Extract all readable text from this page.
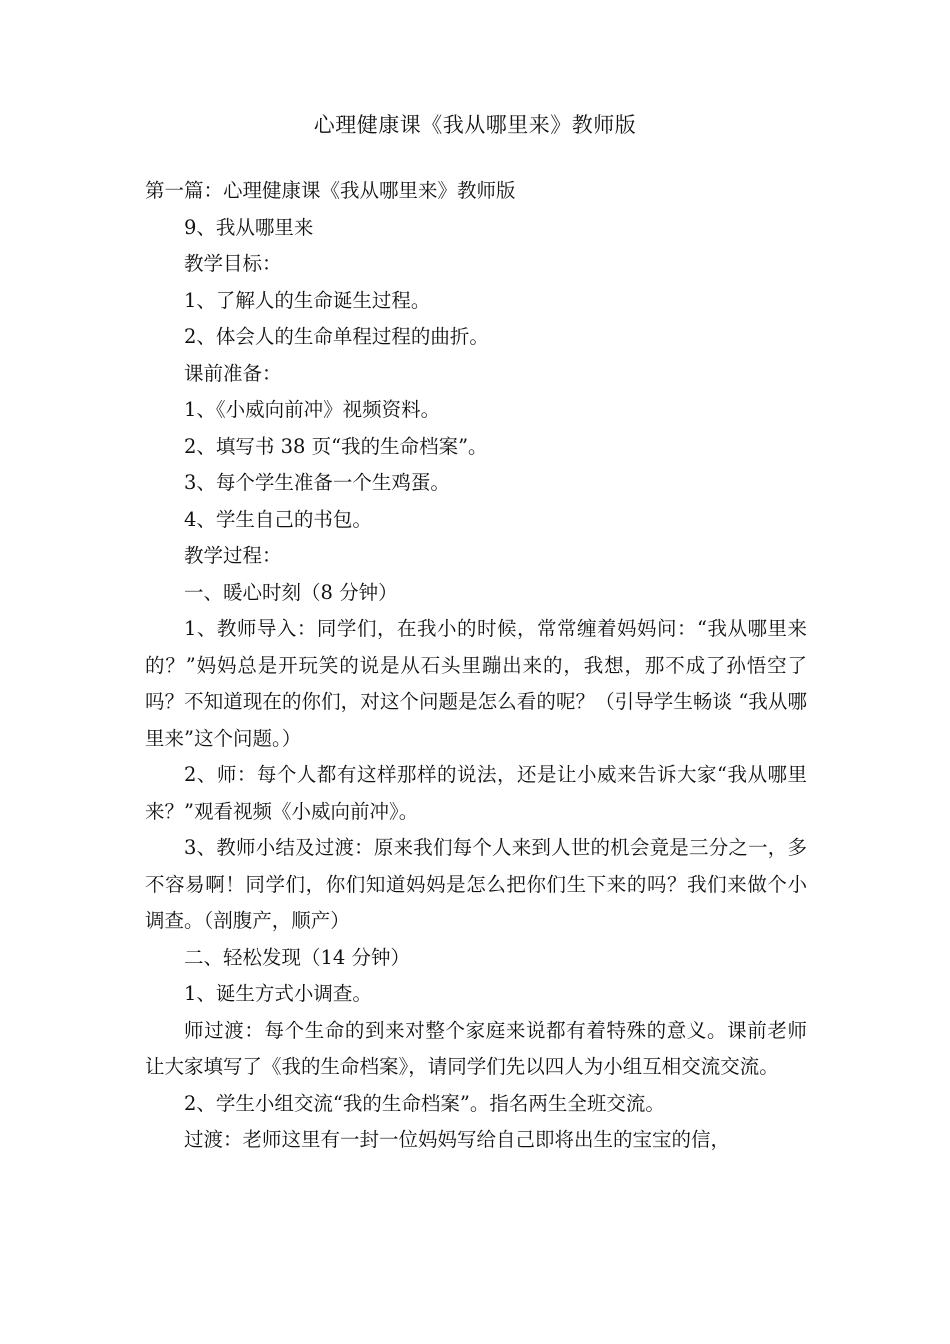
心理健康课《我从哪里来》教师版

第一篇：心理健康课《我从哪里来》教师版

9、我从哪里来

教学目标：

1、了解人的生命诞生过程。

2、体会人的生命单程过程的曲折。

课前准备：

1、《小威向前冲》视频资料。

2、填写书 38 页“我的生命档案”。

3、每个学生准备一个生鸡蛋。

4、学生自己的书包。

教学过程：

一、暖心时刻（8 分钟）

1、教师导入：同学们，在我小的时候，常常缠着妈妈问：“我从哪里来的？”妈妈总是开玩笑的说是从石头里蹦出来的，我想，那不成了孙悟空了吗？不知道现在的你们，对这个问题是怎么看的呢？（引导学生畅谈 “我从哪里来”这个问题。）

2、师：每个人都有这样那样的说法，还是让小威来告诉大家“我从哪里来？”观看视频《小威向前冲》。

3、教师小结及过渡：原来我们每个人来到人世的机会竟是三分之一，多不容易啊！同学们，你们知道妈妈是怎么把你们生下来的吗？我们来做个小调查。（剖腹产，顺产）

二、轻松发现（14 分钟）

1、诞生方式小调查。

师过渡：每个生命的到来对整个家庭来说都有着特殊的意义。课前老师让大家填写了《我的生命档案》，请同学们先以四人为小组互相交流交流。

2、学生小组交流“我的生命档案”。指名两生全班交流。

过渡：老师这里有一封一位妈妈写给自己即将出生的宝宝的信，
